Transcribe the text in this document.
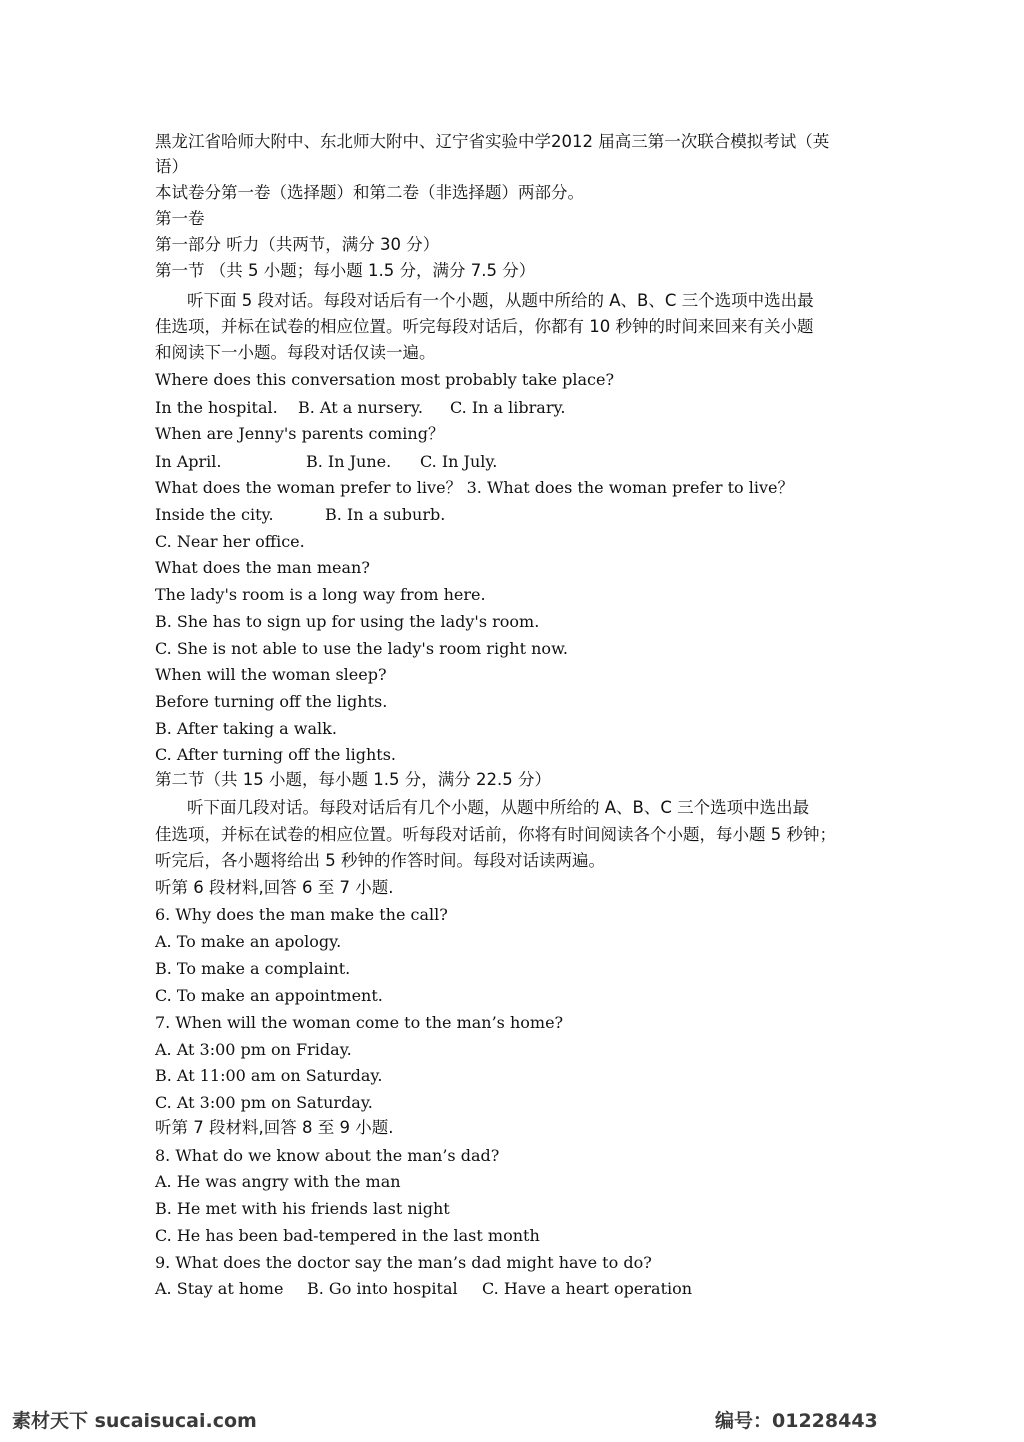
黑龙江省哈师大附中、东北师大附中、辽宁省实验中学2012 届高三第一次联合模拟考试（英
语）
本试卷分第一卷（选择题）和第二卷（非选择题）两部分。
第一卷
第一部分 听力（共两节，满分 30 分）
第一节 （共 5 小题；每小题 1.5 分，满分 7.5 分）
听下面 5 段对话。每段对话后有一个小题，从题中所给的 A、B、C 三个选项中选出最
佳选项，并标在试卷的相应位置。听完每段对话后，你都有 10 秒钟的时间来回来有关小题
和阅读下一小题。每段对话仅读一遍。
Where does this conversation most probably take place?
In the hospital. B. At a nursery. C. In a library.
When are Jenny's parents coming？
In April.	B. In June. C. In July.
What does the woman prefer to live？ 3. What does the woman prefer to live？
Inside the city.	B. In a suburb.
C. Near her office.
What does the man mean?
The lady's room is a long way from here.
B. She has to sign up for using the lady's room.
C. She is not able to use the lady's room right now.
When will the woman sleep?
Before turning off the lights.
B. After taking a walk.
C. After turning off the lights.
第二节（共 15 小题，每小题 1.5 分，满分 22.5 分）
听下面几段对话。每段对话后有几个小题，从题中所给的 A、B、C 三个选项中选出最
佳选项，并标在试卷的相应位置。听每段对话前，你将有时间阅读各个小题，每小题 5 秒钟；
听完后，各小题将给出 5 秒钟的作答时间。每段对话读两遍。
听第 6 段材料,回答 6 至 7 小题.
6. Why does the man make the call?
A. To make an apology.
B. To make a complaint.
C. To make an appointment.
7. When will the woman come to the man’s home?
A. At 3:00 pm on Friday.
B. At 11:00 am on Saturday.
C. At 3:00 pm on Saturday.
听第 7 段材料,回答 8 至 9 小题.
8. What do we know about the man’s dad?
A. He was angry with the man
B. He met with his friends last night
C. He has been bad-tempered in the last month
9. What does the doctor say the man’s dad might have to do?
A. Stay at home B. Go into hospital C. Have a heart operation
素材天下 sucaisucai.com	编号：01228443
